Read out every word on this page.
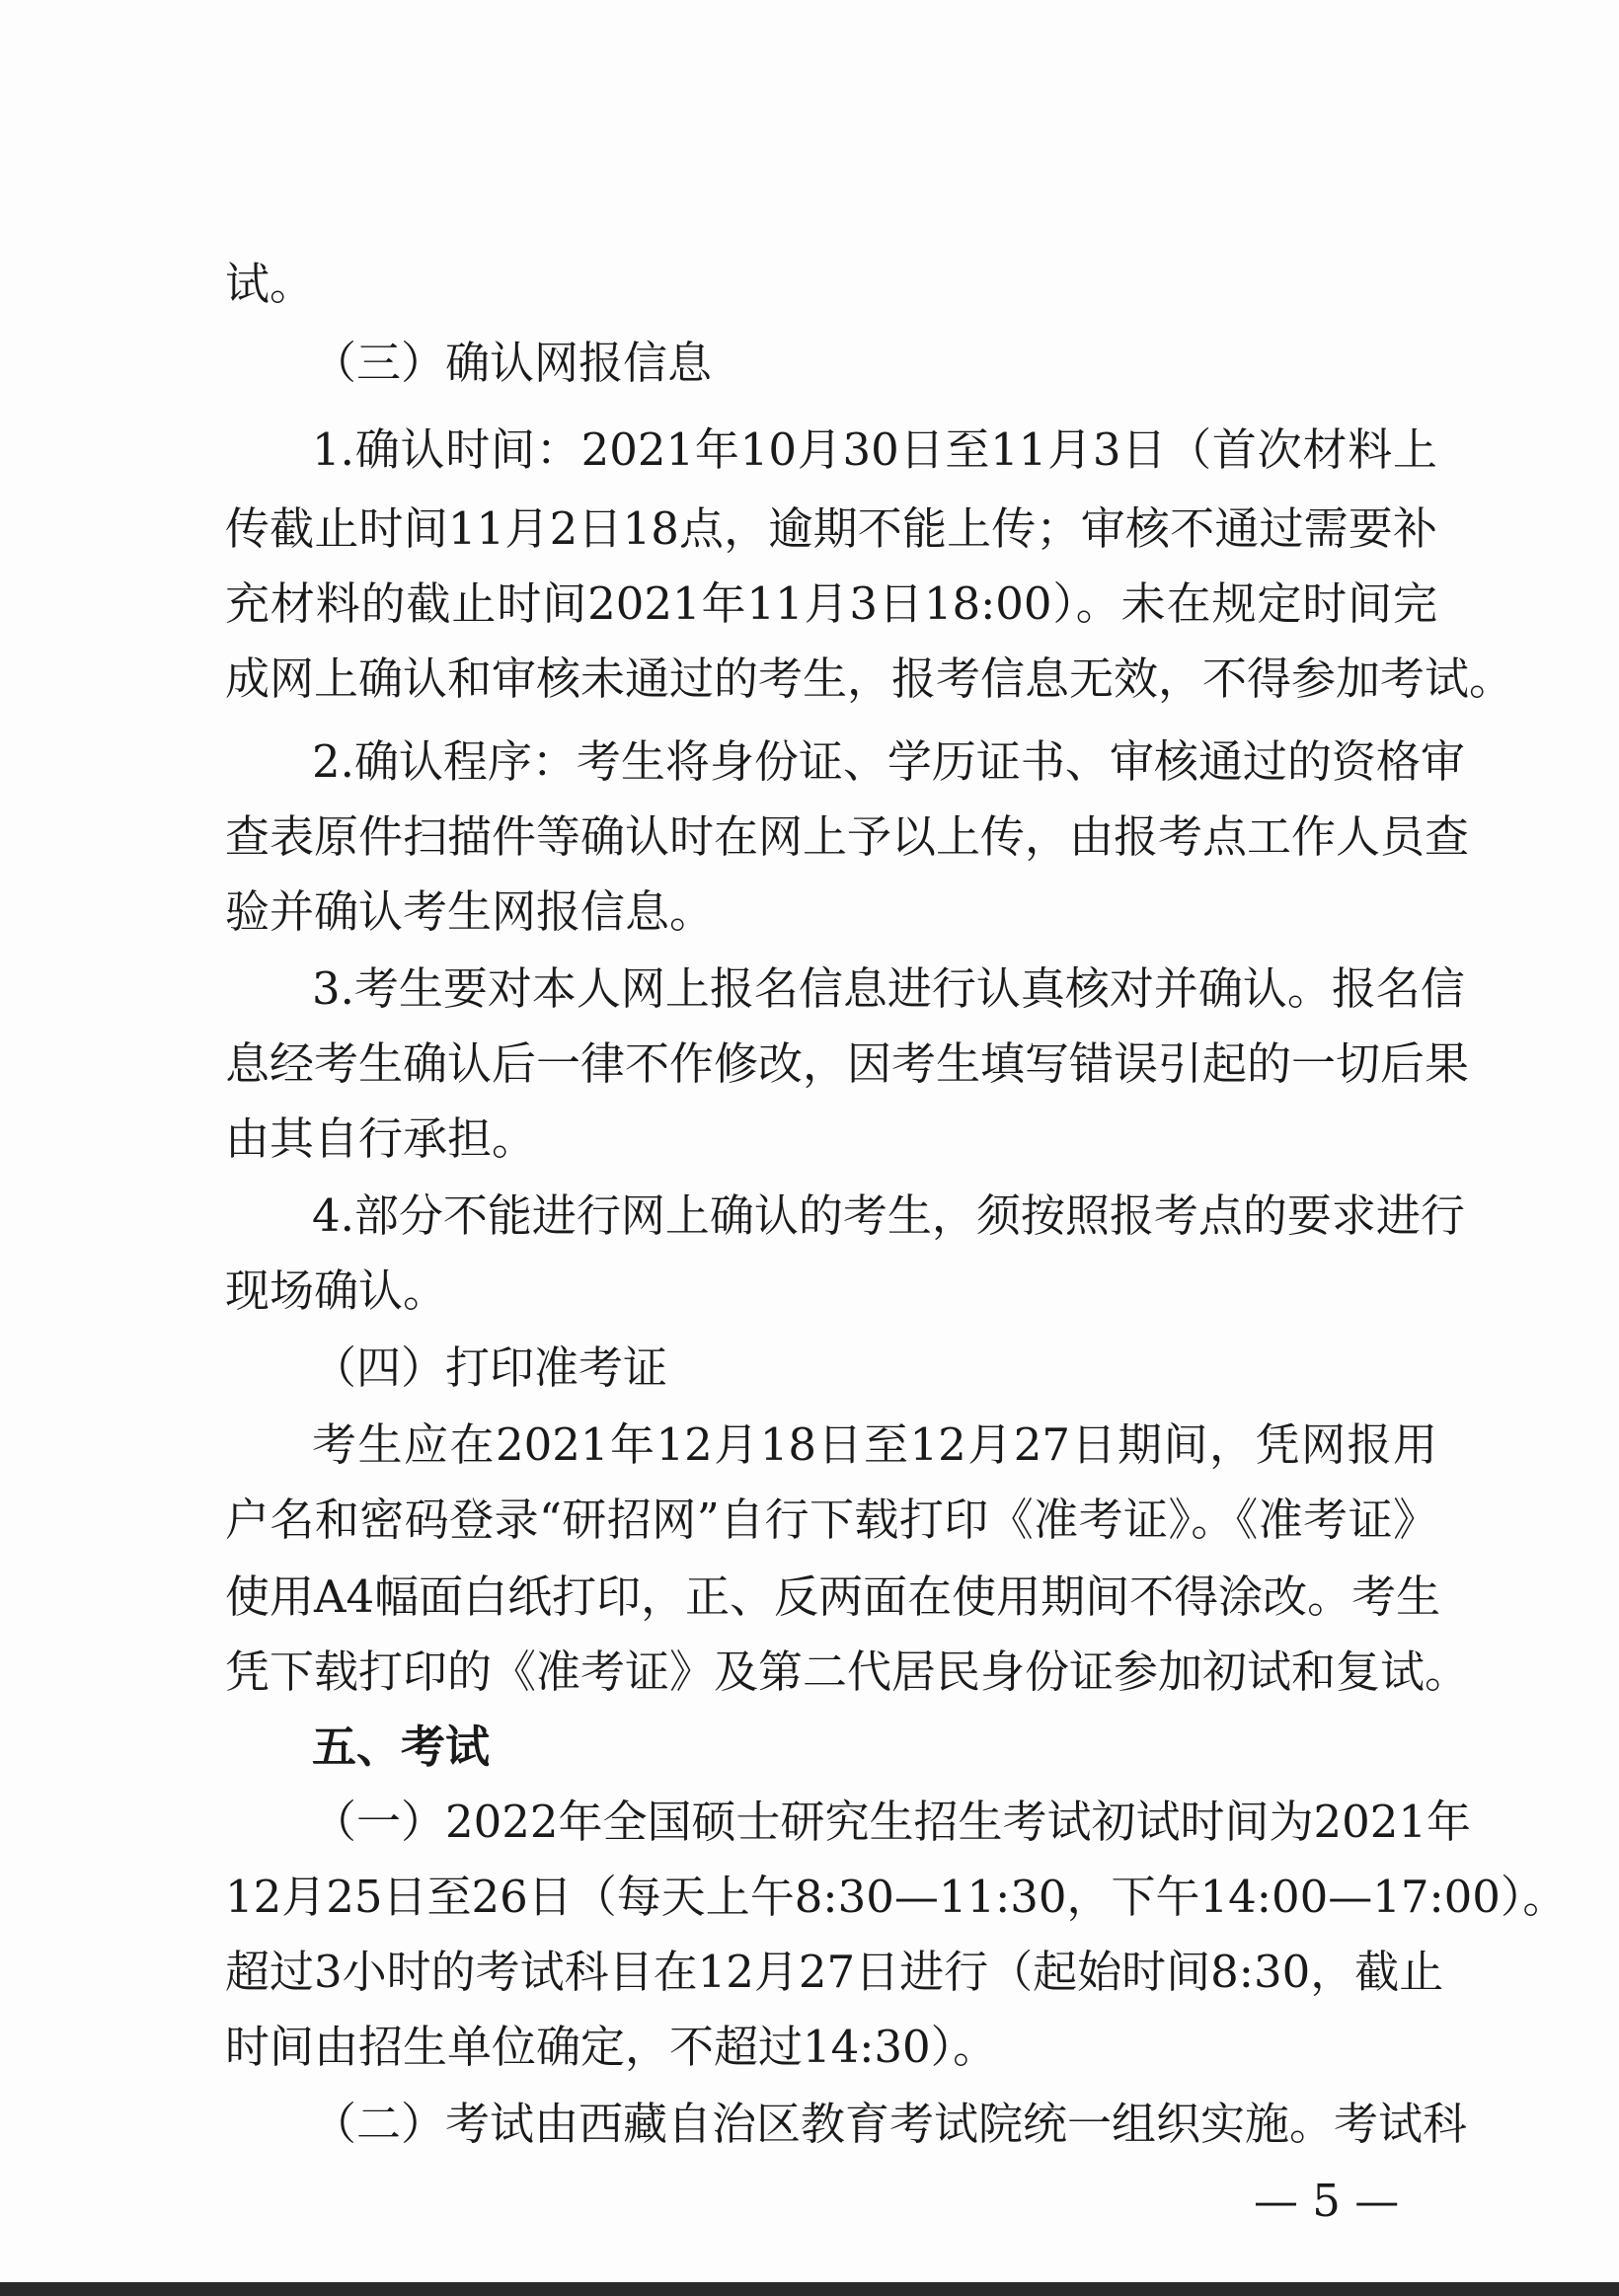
试。
（三）确认网报信息
1.确认时间：2021年10月30日至11月3日（首次材料上
传截止时间11月2日18点，逾期不能上传；审核不通过需要补
充材料的截止时间2021年11月3日18:00）。未在规定时间完
成网上确认和审核未通过的考生，报考信息无效，不得参加考试。
2.确认程序：考生将身份证、学历证书、审核通过的资格审
查表原件扫描件等确认时在网上予以上传，由报考点工作人员查
验并确认考生网报信息。
3.考生要对本人网上报名信息进行认真核对并确认。报名信
息经考生确认后一律不作修改，因考生填写错误引起的一切后果
由其自行承担。
4.部分不能进行网上确认的考生，须按照报考点的要求进行
现场确认。
（四）打印准考证
考生应在2021年12月18日至12月27日期间，凭网报用
户名和密码登录“研招网”自行下载打印《准考证》。《准考证》
使用A4幅面白纸打印，正、反两面在使用期间不得涂改。考生
凭下载打印的《准考证》及第二代居民身份证参加初试和复试。
五、考试
（一）2022年全国硕士研究生招生考试初试时间为2021年
12月25日至26日（每天上午8:30—11:30，下午14:00—17:00）。
超过3小时的考试科目在12月27日进行（起始时间8:30，截止
时间由招生单位确定，不超过14:30）。
（二）考试由西藏自治区教育考试院统一组织实施。考试科
— 5 —
